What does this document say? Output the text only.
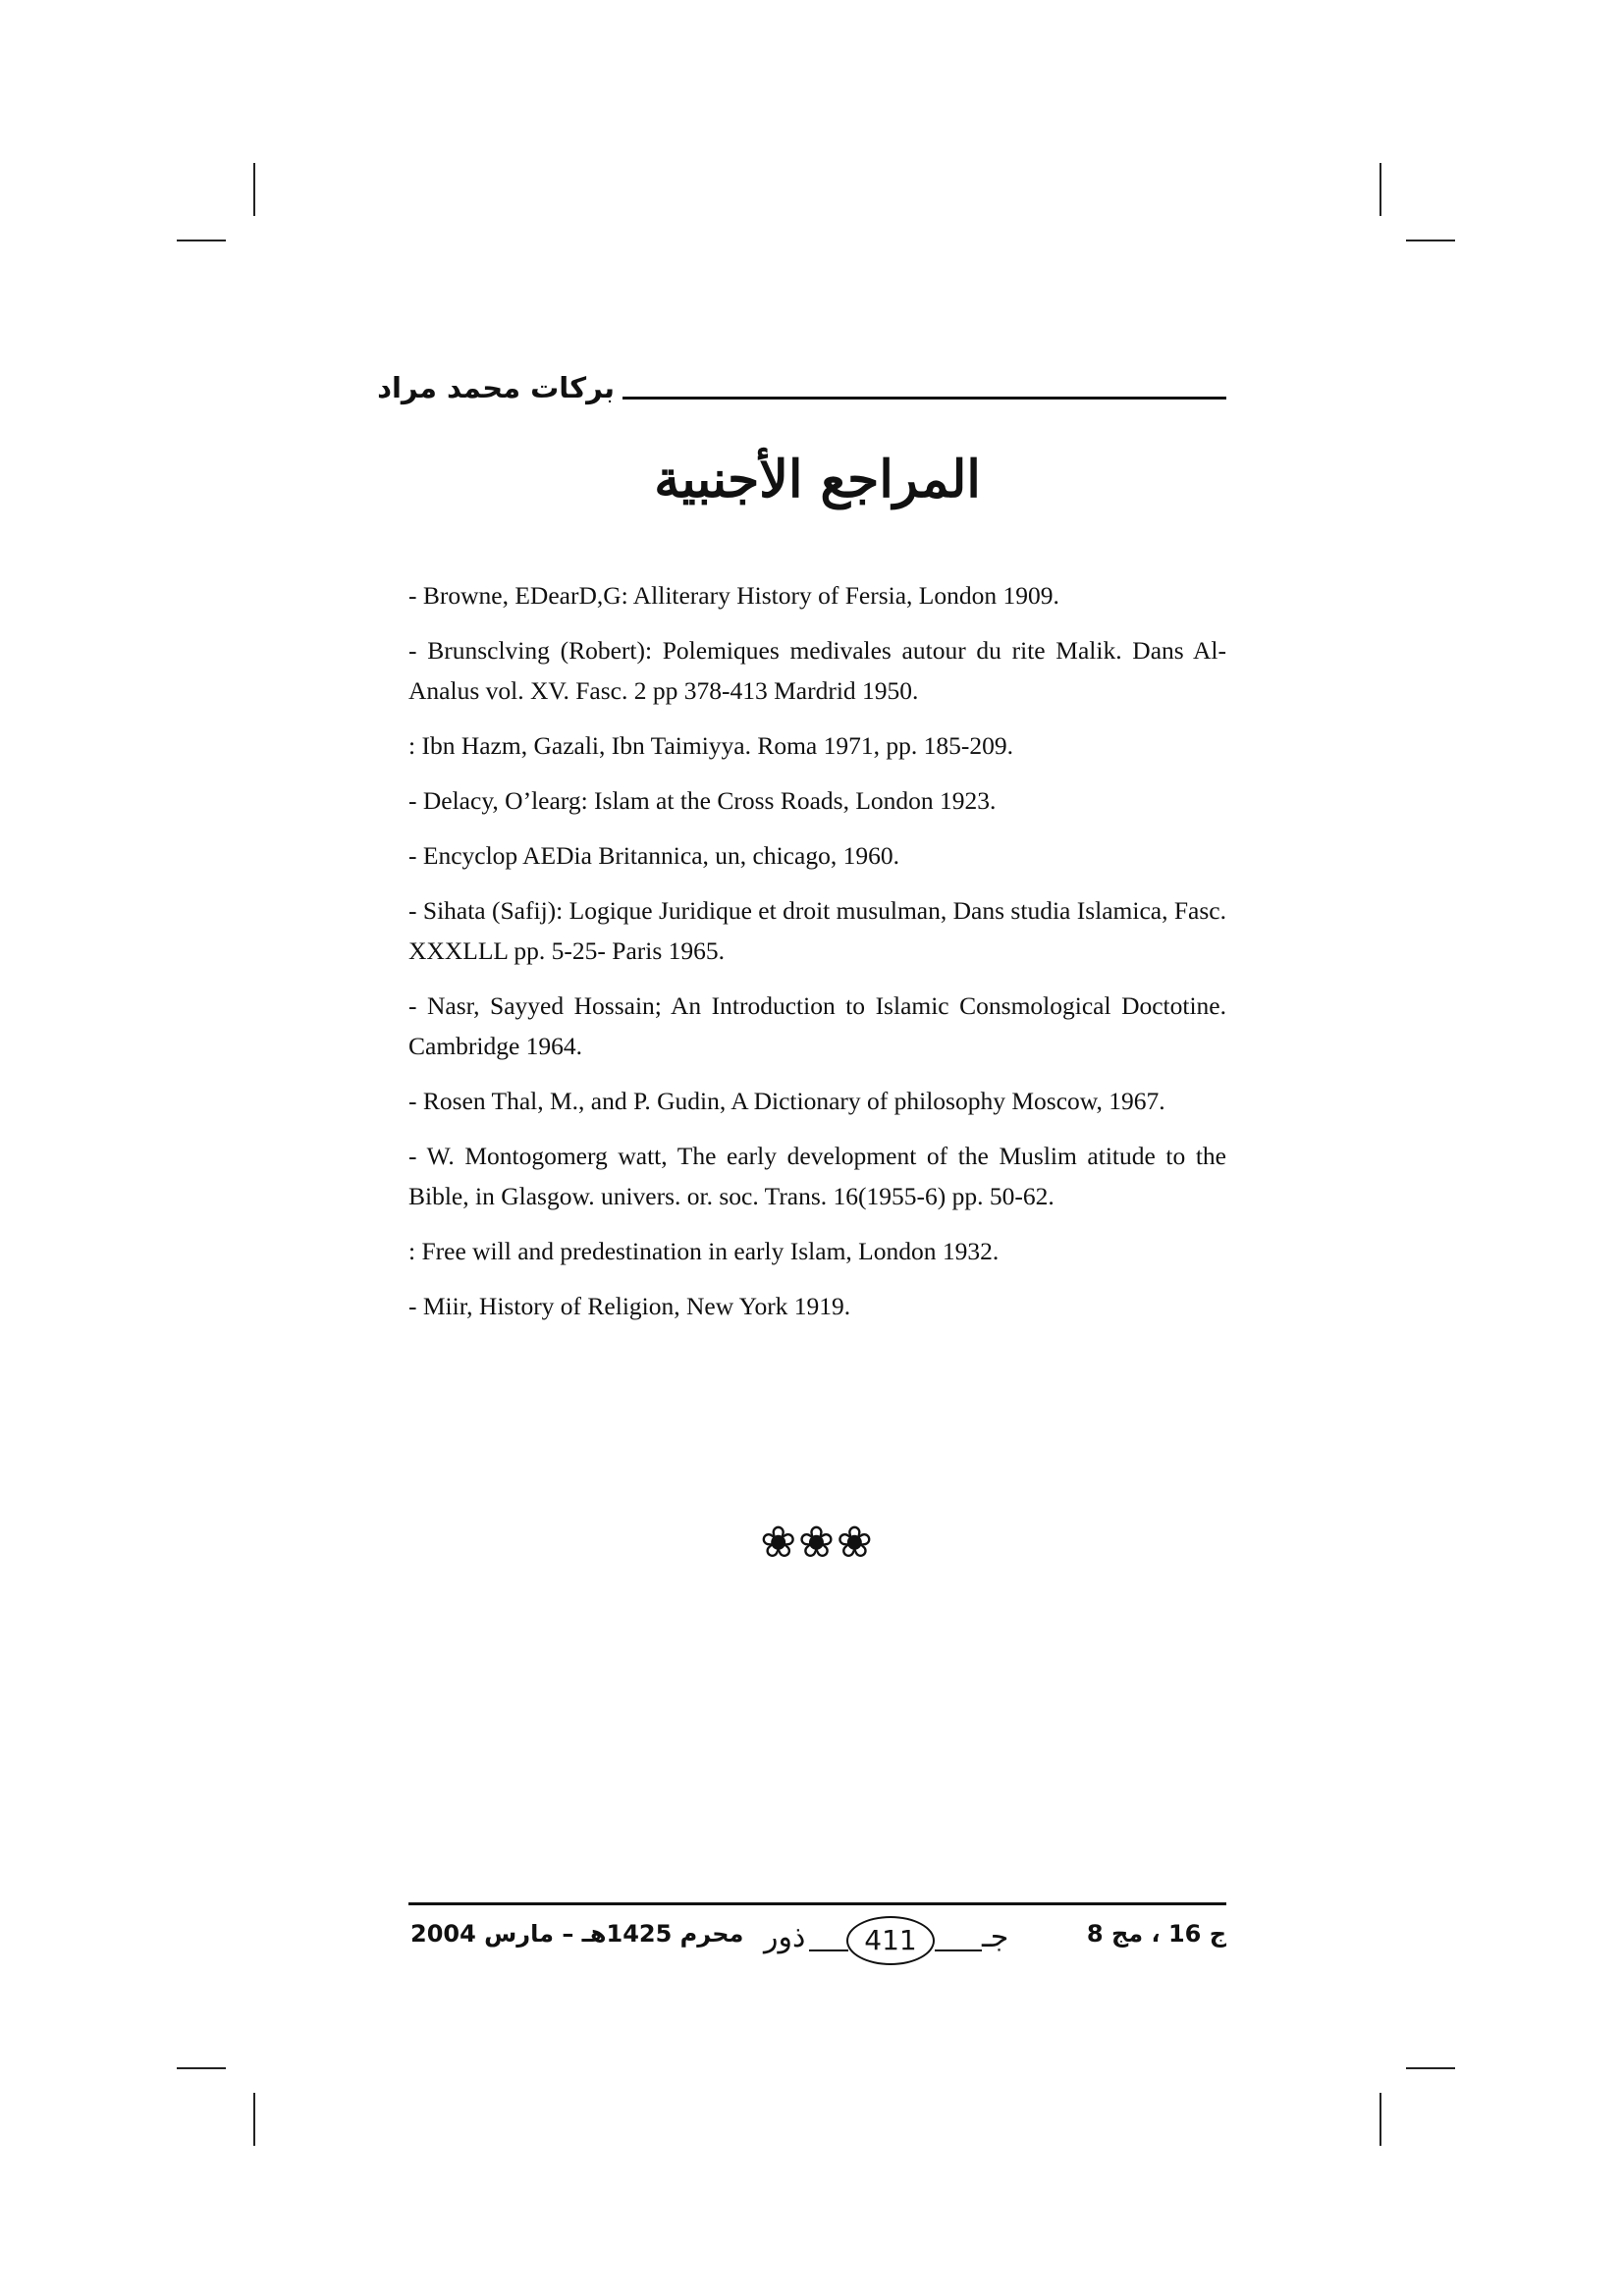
بركات محمد مراد
المراجع الأجنبية
- Browne, EDearD,G: Alliterary History of Fersia, London 1909.
- Brunsclving (Robert): Polemiques medivales autour du rite Malik. Dans Al-Analus vol. XV. Fasc. 2 pp 378-413 Mardrid 1950.
: Ibn Hazm, Gazali, Ibn Taimiyya. Roma 1971, pp. 185-209.
- Delacy, O’learg: Islam at the Cross Roads, London 1923.
- Encyclop AEDia Britannica, un, chicago, 1960.
- Sihata (Safij): Logique Juridique et droit musulman, Dans studia Islamica, Fasc. XXXLLL pp. 5-25- Paris 1965.
- Nasr, Sayyed Hossain; An Introduction to Islamic Consmological Doctotine. Cambridge 1964.
- Rosen Thal, M., and P. Gudin, A Dictionary of philosophy Moscow, 1967.
- W. Montogomerg watt, The early development of the Muslim atitude to the Bible, in Glasgow. univers. or. soc. Trans. 16(1955-6) pp. 50-62.
: Free will and predestination in early Islam, London 1932.
- Miir, History of Religion, New York 1919.
❀❀❀
محرم 1425هـ – مارس 2004 ذور	411	جـ	ج 16 ، مج 8
